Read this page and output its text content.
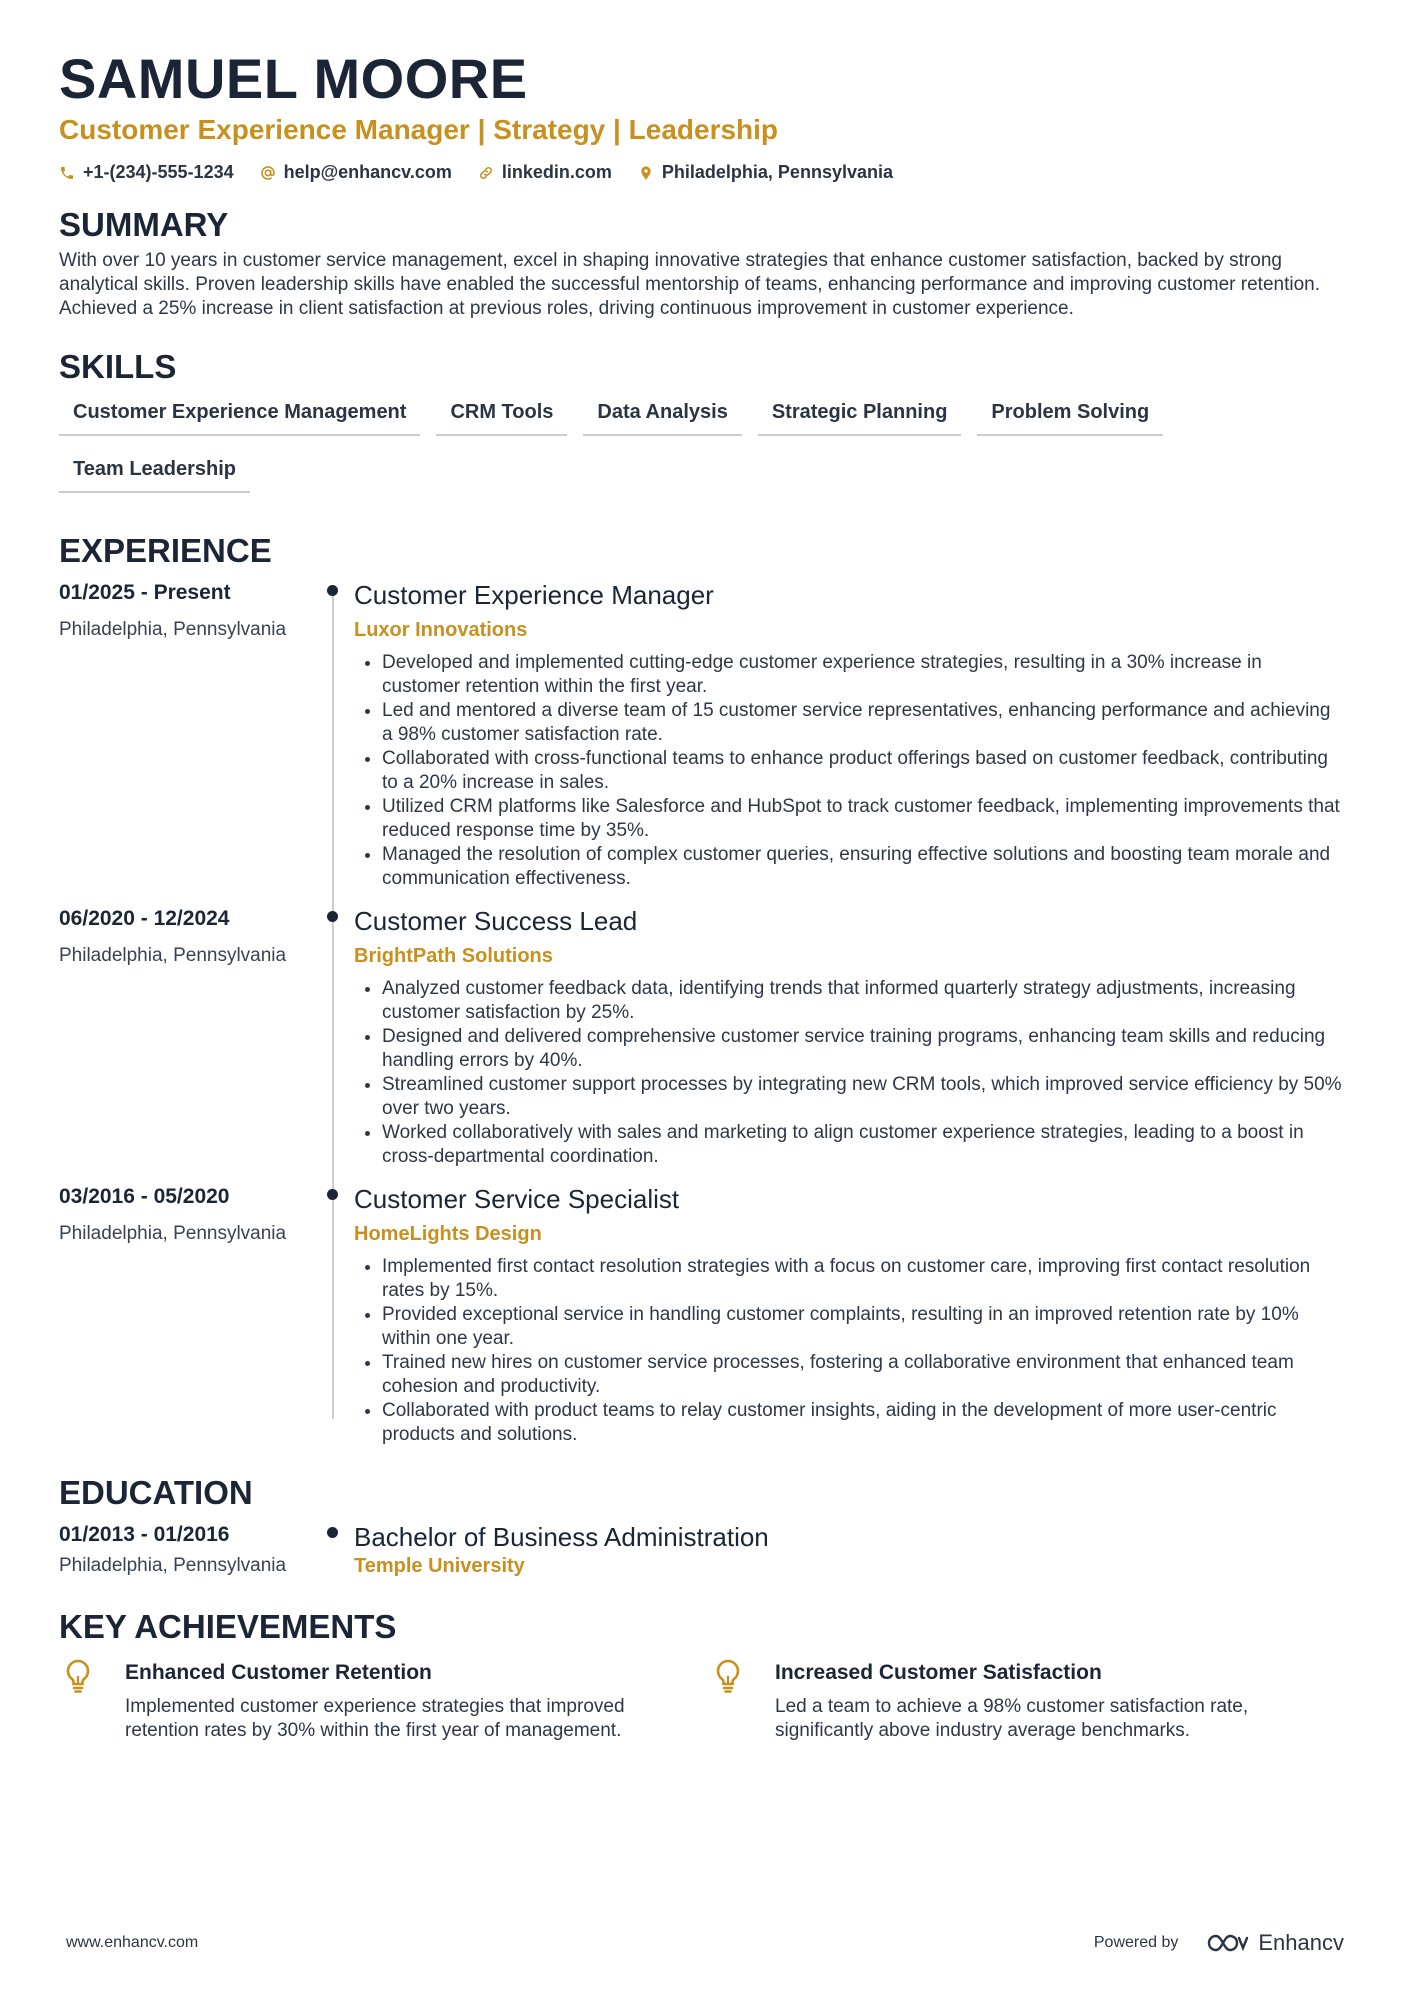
SAMUEL MOORE
Customer Experience Manager | Strategy | Leadership
+1-(234)-555-1234	help@enhancv.com	linkedin.com	Philadelphia, Pennsylvania
SUMMARY
With over 10 years in customer service management, excel in shaping innovative strategies that enhance customer satisfaction, backed by strong analytical skills. Proven leadership skills have enabled the successful mentorship of teams, enhancing performance and improving customer retention. Achieved a 25% increase in client satisfaction at previous roles, driving continuous improvement in customer experience.
SKILLS
Customer Experience Management	CRM Tools	Data Analysis	Strategic Planning	Problem Solving
Team Leadership
EXPERIENCE
01/2025 - Present
Philadelphia, Pennsylvania
Customer Experience Manager
Luxor Innovations
• Developed and implemented cutting-edge customer experience strategies, resulting in a 30% increase in customer retention within the first year.
• Led and mentored a diverse team of 15 customer service representatives, enhancing performance and achieving a 98% customer satisfaction rate.
• Collaborated with cross-functional teams to enhance product offerings based on customer feedback, contributing to a 20% increase in sales.
• Utilized CRM platforms like Salesforce and HubSpot to track customer feedback, implementing improvements that reduced response time by 35%.
• Managed the resolution of complex customer queries, ensuring effective solutions and boosting team morale and communication effectiveness.
06/2020 - 12/2024
Philadelphia, Pennsylvania
Customer Success Lead
BrightPath Solutions
• Analyzed customer feedback data, identifying trends that informed quarterly strategy adjustments, increasing customer satisfaction by 25%.
• Designed and delivered comprehensive customer service training programs, enhancing team skills and reducing handling errors by 40%.
• Streamlined customer support processes by integrating new CRM tools, which improved service efficiency by 50% over two years.
• Worked collaboratively with sales and marketing to align customer experience strategies, leading to a boost in cross-departmental coordination.
03/2016 - 05/2020
Philadelphia, Pennsylvania
Customer Service Specialist
HomeLights Design
• Implemented first contact resolution strategies with a focus on customer care, improving first contact resolution rates by 15%.
• Provided exceptional service in handling customer complaints, resulting in an improved retention rate by 10% within one year.
• Trained new hires on customer service processes, fostering a collaborative environment that enhanced team cohesion and productivity.
• Collaborated with product teams to relay customer insights, aiding in the development of more user-centric products and solutions.
EDUCATION
01/2013 - 01/2016
Philadelphia, Pennsylvania
Bachelor of Business Administration
Temple University
KEY ACHIEVEMENTS
Enhanced Customer Retention
Implemented customer experience strategies that improved retention rates by 30% within the first year of management.
Increased Customer Satisfaction
Led a team to achieve a 98% customer satisfaction rate, significantly above industry average benchmarks.
www.enhancv.com	Powered by	Enhancv
